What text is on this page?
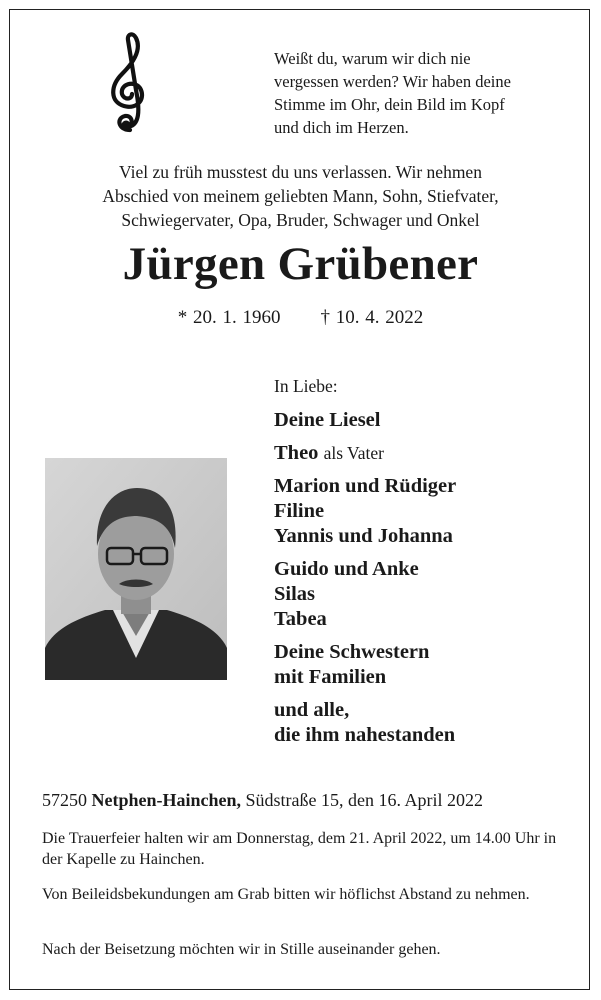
Weißt du, warum wir dich nie
vergessen werden? Wir haben deine
Stimme im Ohr, dein Bild im Kopf
und dich im Herzen.
Viel zu früh musstest du uns verlassen. Wir nehmen
Abschied von meinem geliebten Mann, Sohn, Stiefvater,
Schwiegervater, Opa, Bruder, Schwager und Onkel
Jürgen Grübener
* 20. 1. 1960 † 10. 4. 2022
In Liebe:
Deine Liesel
Theo als Vater
Marion und Rüdiger
Filine
Yannis und Johanna
Guido und Anke
Silas
Tabea
Deine Schwestern
mit Familien
und alle,
die ihm nahestanden
57250 Netphen-Hainchen, Südstraße 15, den 16. April 2022
Die Trauerfeier halten wir am Donnerstag, dem 21. April 2022, um 14.00 Uhr in der Kapelle zu Hainchen.
Von Beileidsbekundungen am Grab bitten wir höflichst Abstand zu nehmen.
Nach der Beisetzung möchten wir in Stille auseinander gehen.
